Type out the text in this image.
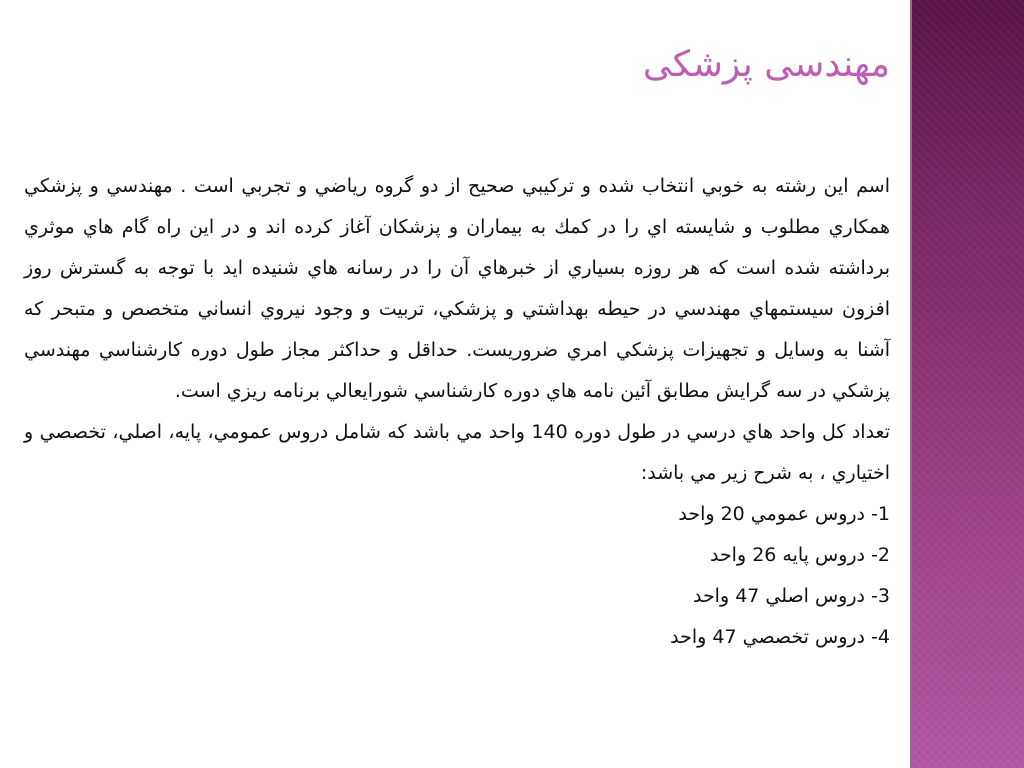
مهندسی پزشکی

اسم اين رشته به خوبي انتخاب شده و تركيبي صحيح از دو گروه رياضي و تجربي است . مهندسي و پزشكي همكاري مطلوب و شايسته اي را در كمك به بيماران و پزشكان آغاز كرده اند و در اين راه گام هاي موثري برداشته شده است كه هر روزه بسياري از خبرهاي آن را در رسانه هاي شنيده ايد با توجه به گسترش روز افزون سيستمهاي مهندسي در حيطه بهداشتي و پزشكي، تربيت و وجود نيروي انساني متخصص و متبحر كه آشنا به وسايل و تجهيزات پزشكي امري ضروريست. حداقل و حداكثر مجاز طول دوره كارشناسي مهندسي پزشكي در سه گرايش مطابق آئين نامه هاي دوره كارشناسي شورايعالي برنامه ريزي است.

تعداد كل واحد هاي درسي در طول دوره 140 واحد مي باشد كه شامل دروس عمومي، پايه، اصلي، تخصصي و اختياري ، به شرح زير مي باشد:

1- دروس عمومي 20 واحد

2- دروس پايه 26 واحد

3- دروس اصلي 47 واحد

4- دروس تخصصي 47 واحد
